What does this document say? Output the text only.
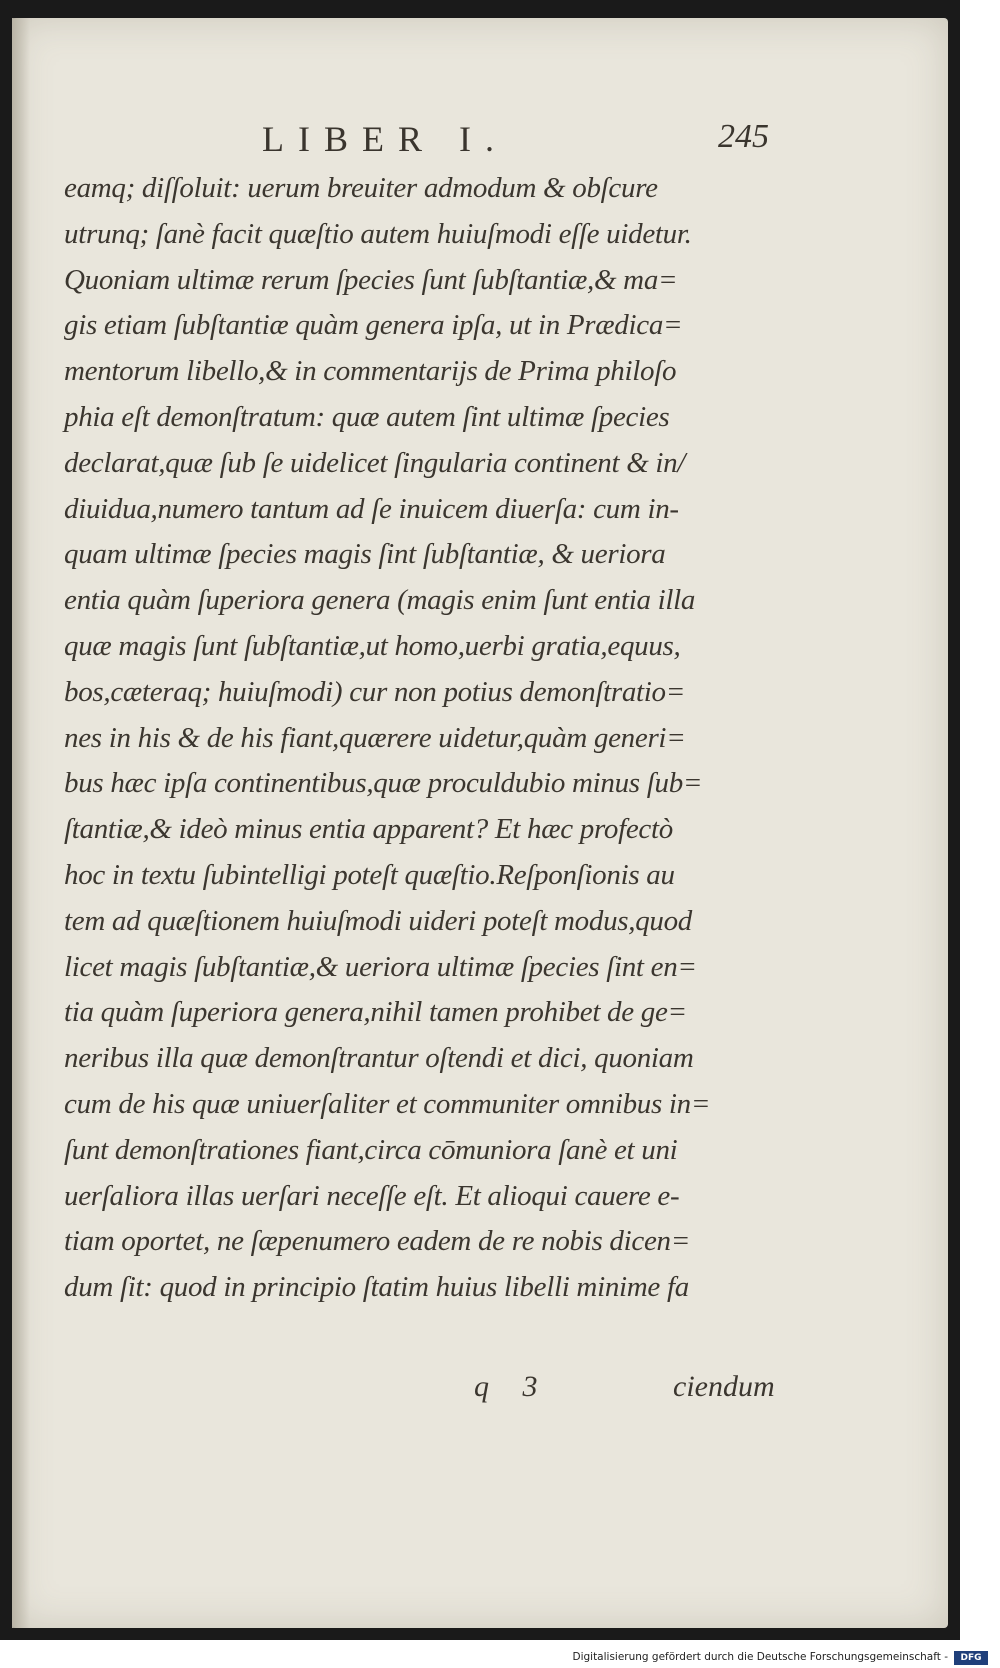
LIBER I.	245
eamq; diſſoluit: uerum breuiter admodum & obſcure
utrunq; ſanè facit quæſtio autem huiuſmodi eſſe uidetur.
Quoniam ultimæ rerum ſpecies ſunt ſubſtantiæ,& ma=
gis etiam ſubſtantiæ quàm genera ipſa, ut in Prædica=
mentorum libello,& in commentarijs de Prima philoſo
phia eſt demonſtratum: quæ autem ſint ultimæ ſpecies
declarat,quæ ſub ſe uidelicet ſingularia continent & in/
diuidua,numero tantum ad ſe inuicem diuerſa: cum in-
quam ultimæ ſpecies magis ſint ſubſtantiæ, & ueriora
entia quàm ſuperiora genera (magis enim ſunt entia illa
quæ magis ſunt ſubſtantiæ,ut homo,uerbi gratia,equus,
bos,cæteraq; huiuſmodi) cur non potius demonſtratio=
nes in his & de his fiant,quærere uidetur,quàm generi=
bus hæc ipſa continentibus,quæ proculdubio minus ſub=
ſtantiæ,& ideò minus entia apparent? Et hæc profectò
hoc in textu ſubintelligi poteſt quæſtio.Reſponſionis au
tem ad quæſtionem huiuſmodi uideri poteſt modus,quod
licet magis ſubſtantiæ,& ueriora ultimæ ſpecies ſint en=
tia quàm ſuperiora genera,nihil tamen prohibet de ge=
neribus illa quæ demonſtrantur oſtendi et dici, quoniam
cum de his quæ uniuerſaliter et communiter omnibus in=
ſunt demonſtrationes fiant,circa cōmuniora ſanè et uni
uerſaliora illas uerſari neceſſe eſt. Et alioqui cauere e-
tiam oportet, ne ſæpenumero eadem de re nobis dicen=
dum ſit: quod in principio ſtatim huius libelli minime fa
q 3	ciendum
Digitalisierung gefördert durch die Deutsche Forschungsgemeinschaft -	DFG
